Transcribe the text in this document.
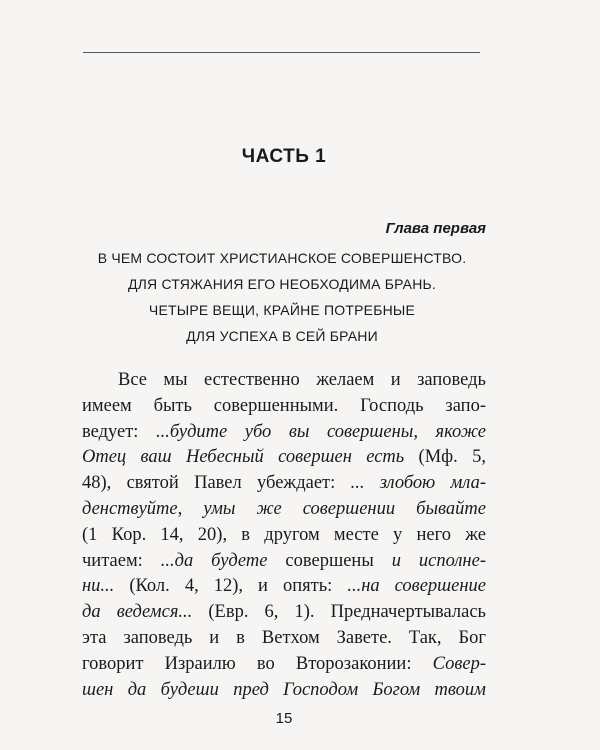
ЧАСТЬ 1
Глава первая
В ЧЕМ СОСТОИТ ХРИСТИАНСКОЕ СОВЕРШЕНСТВО.
ДЛЯ СТЯЖАНИЯ ЕГО НЕОБХОДИМА БРАНЬ.
ЧЕТЫРЕ ВЕЩИ, КРАЙНЕ ПОТРЕБНЫЕ
ДЛЯ УСПЕХА В СЕЙ БРАНИ
Все мы естественно желаем и заповедь
имеем быть совершенными. Господь запо-
ведует: ...будите убо вы совершены, якоже
Отец ваш Небесный совершен есть (Мф. 5,
48), святой Павел убеждает: ... злобою мла-
денствуйте, умы же совершении бывайте
(1 Кор. 14, 20), в другом месте у него же
читаем: ...да будете совершены и исполне-
ни... (Кол. 4, 12), и опять: ...на совершение
да ведемся... (Евр. 6, 1). Предначертывалась
эта заповедь и в Ветхом Завете. Так, Бог
говорит Израилю во Второзаконии: Совер-
шен да будеши пред Господом Богом твоим
15
